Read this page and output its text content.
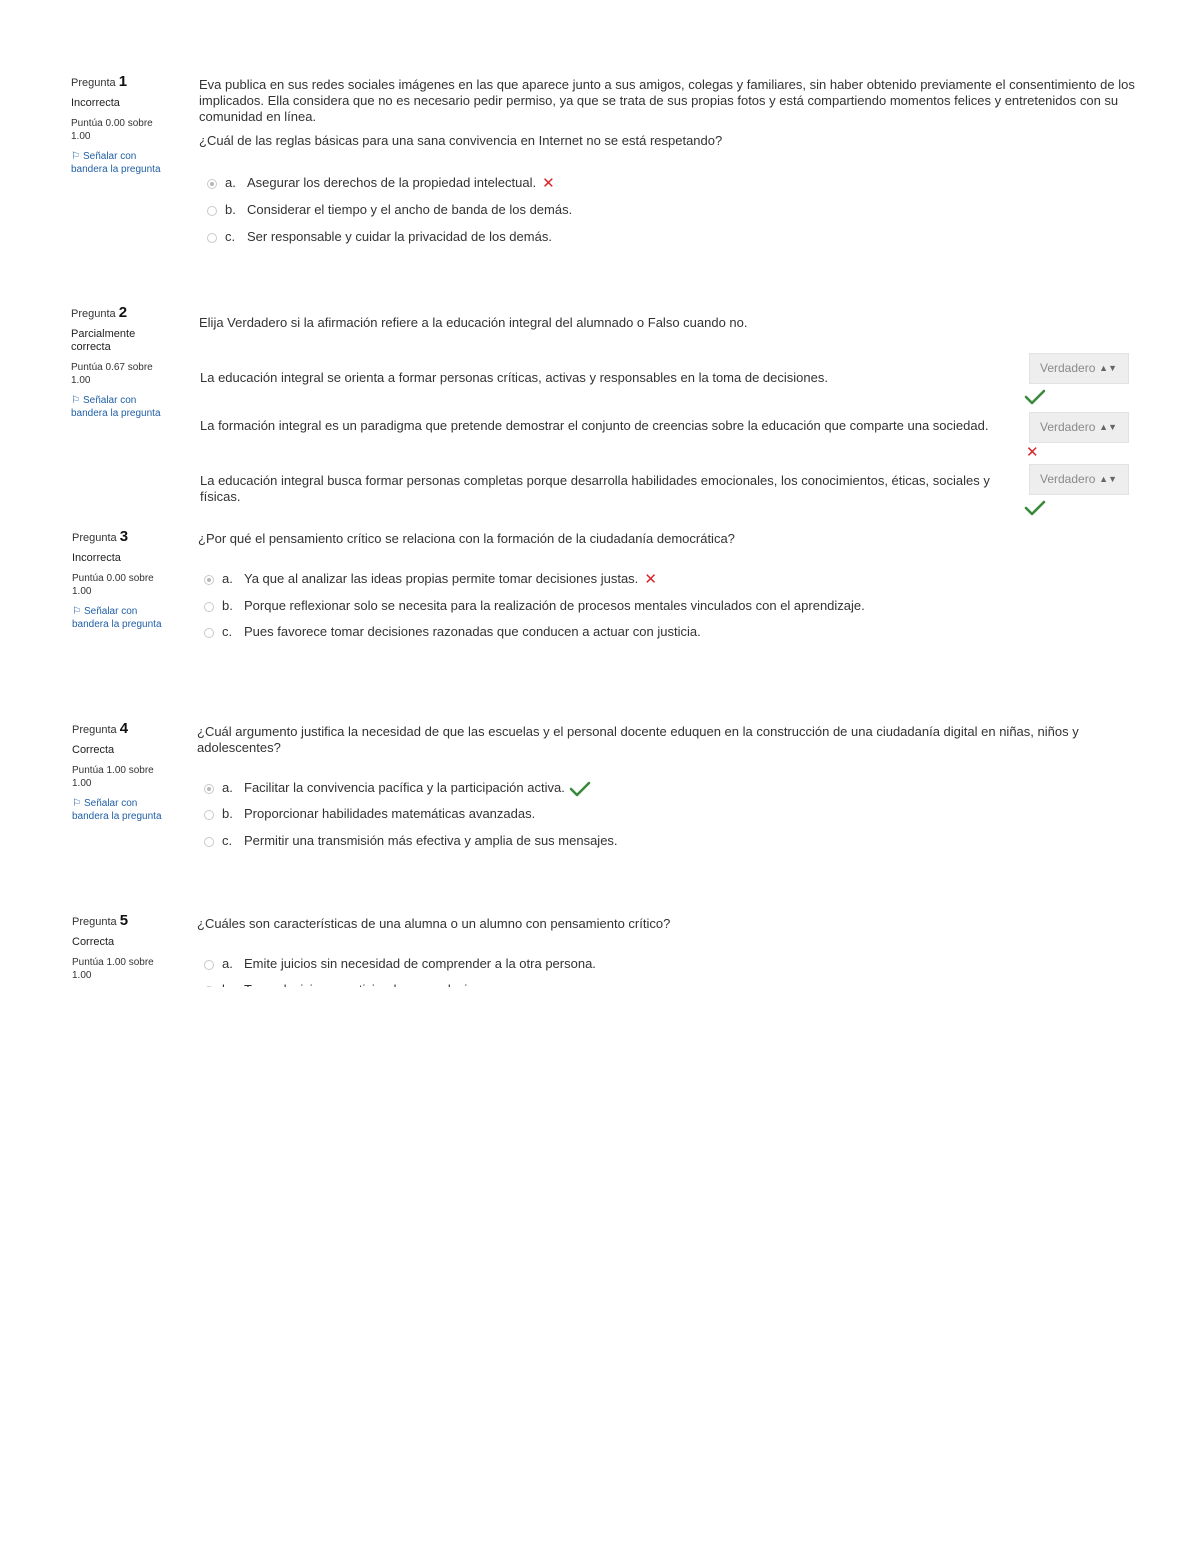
Pregunta 1
Incorrecta
Puntúa 0.00 sobre 1.00
⚐ Señalar con bandera la pregunta
Eva publica en sus redes sociales imágenes en las que aparece junto a sus amigos, colegas y familiares, sin haber obtenido previamente el consentimiento de los implicados. Ella considera que no es necesario pedir permiso, ya que se trata de sus propias fotos y está compartiendo momentos felices y entretenidos con su comunidad en línea.
¿Cuál de las reglas básicas para una sana convivencia en Internet no se está respetando?
a. Asegurar los derechos de la propiedad intelectual. ✕
b. Considerar el tiempo y el ancho de banda de los demás.
c. Ser responsable y cuidar la privacidad de los demás.
Pregunta 2
Parcialmente correcta
Puntúa 0.67 sobre 1.00
⚐ Señalar con bandera la pregunta
Elija Verdadero si la afirmación refiere a la educación integral del alumnado o Falso cuando no.
La educación integral se orienta a formar personas críticas, activas y responsables en la toma de decisiones.
Verdadero ▲▼
La formación integral es un paradigma que pretende demostrar el conjunto de creencias sobre la educación que comparte una sociedad.	Verdadero ▲▼
✕
La educación integral busca formar personas completas porque desarrolla habilidades emocionales, los conocimientos, éticas, sociales y físicas.
Verdadero ▲▼
Pregunta 3
Incorrecta
Puntúa 0.00 sobre 1.00
⚐ Señalar con bandera la pregunta
¿Por qué el pensamiento crítico se relaciona con la formación de la ciudadanía democrática?
a. Ya que al analizar las ideas propias permite tomar decisiones justas. ✕
b. Porque reflexionar solo se necesita para la realización de procesos mentales vinculados con el aprendizaje.
c. Pues favorece tomar decisiones razonadas que conducen a actuar con justicia.
Pregunta 4
Correcta
Puntúa 1.00 sobre 1.00
⚐ Señalar con bandera la pregunta
¿Cuál argumento justifica la necesidad de que las escuelas y el personal docente eduquen en la construcción de una ciudadanía digital en niñas, niños y adolescentes?
a. Facilitar la convivencia pacífica y la participación activa.
b. Proporcionar habilidades matemáticas avanzadas.
c. Permitir una transmisión más efectiva y amplia de sus mensajes.
Pregunta 5
Correcta
Puntúa 1.00 sobre 1.00
¿Cuáles son características de una alumna o un alumno con pensamiento crítico?
a. Emite juicios sin necesidad de comprender a la otra persona.
